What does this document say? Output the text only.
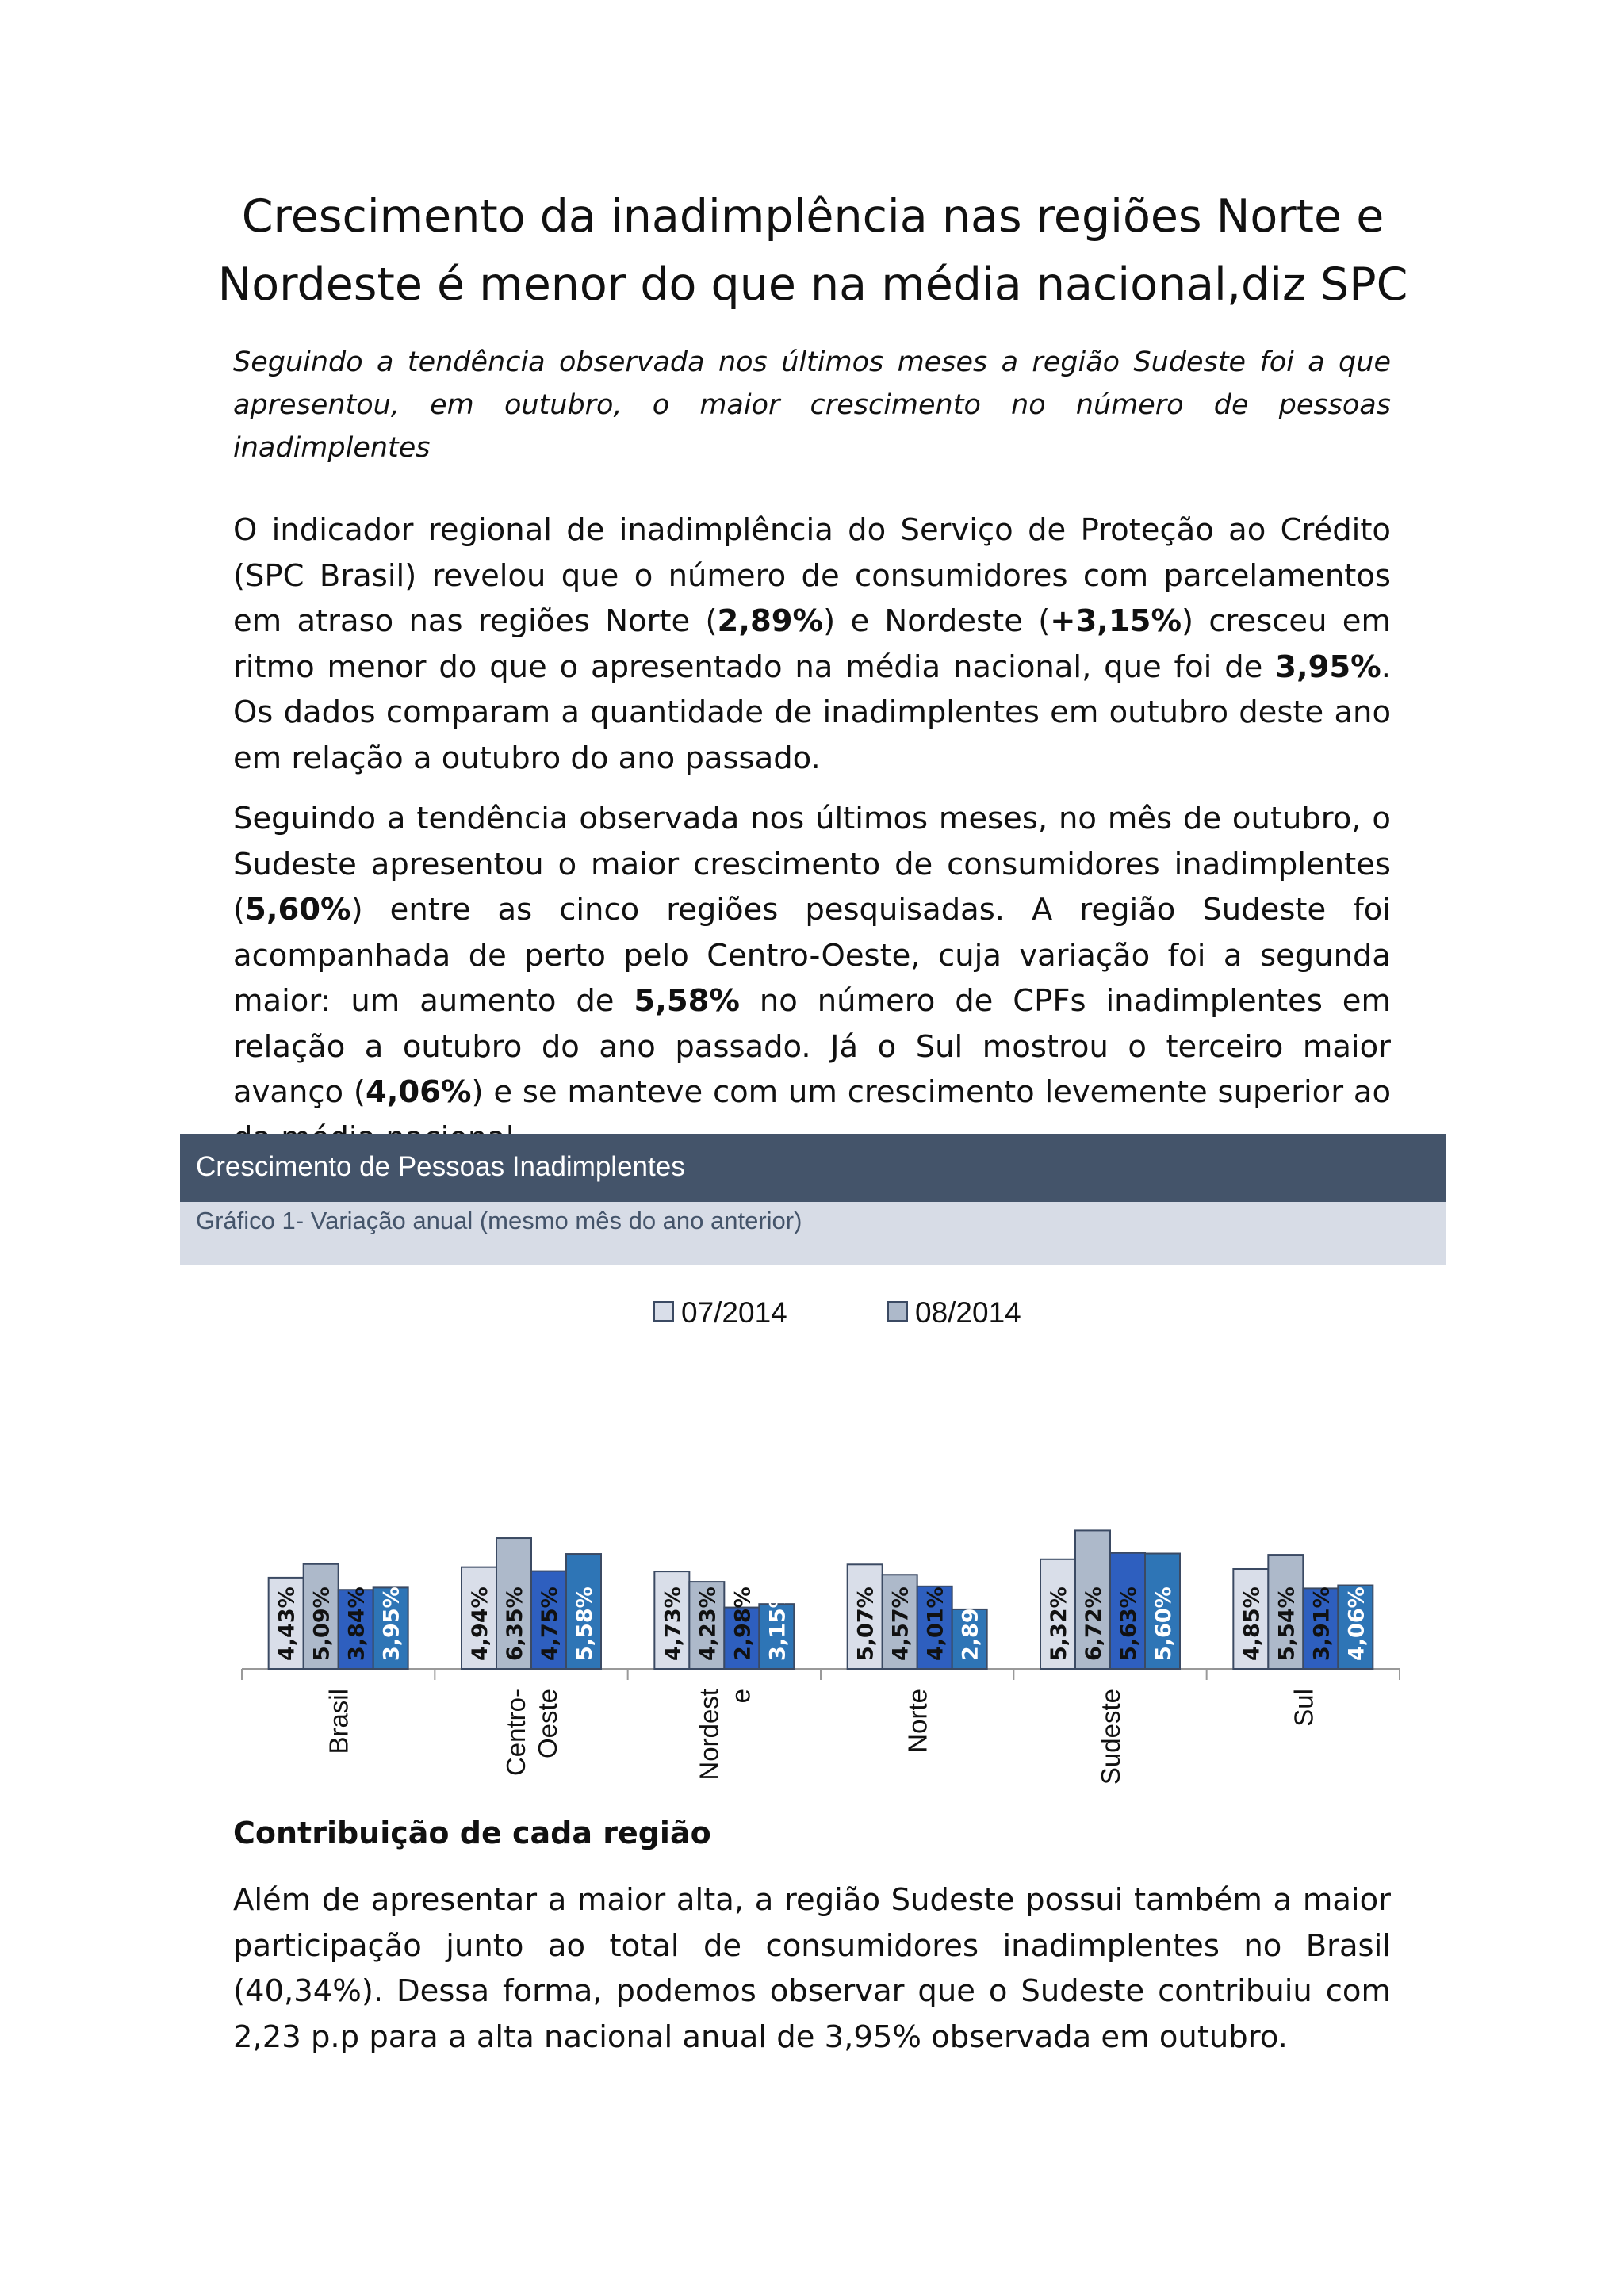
Crescimento da inadimplência nas regiões Norte e
Nordeste é menor do que na média nacional,diz SPC

Seguindo a tendência observada nos últimos meses a região Sudeste foi a que apresentou, em outubro, o maior crescimento no número de pessoas inadimplentes

O indicador regional de inadimplência do Serviço de Proteção ao Crédito (SPC Brasil) revelou que o número de consumidores com parcelamentos em atraso nas regiões Norte (2,89%) e Nordeste (+3,15%) cresceu em ritmo menor do que o apresentado na média nacional, que foi de 3,95%. Os dados comparam a quantidade de inadimplentes em outubro deste ano em relação a outubro do ano passado.

Seguindo a tendência observada nos últimos meses, no mês de outubro, o Sudeste apresentou o maior crescimento de consumidores inadimplentes (5,60%) entre as cinco regiões pesquisadas. A região Sudeste foi acompanhada de perto pelo Centro-Oeste, cuja variação foi a segunda maior: um aumento de 5,58% no número de CPFs inadimplentes em relação a outubro do ano passado. Já o Sul mostrou o terceiro maior avanço (4,06%) e se manteve com um crescimento levemente superior ao

Crescimento de Pessoas Inadimplentes
Gráfico 1- Variação anual (mesmo mês do ano anterior)
4,43% 5,09% 3,84% 3,95%
Brasil
4,94% 6,35% 4,75% 5,58%
Centro- Oeste
4,73% 4,23% 2,98% 3,15%
Nordest e
5,07% 4,57% 4,01% 2,89%
Norte
5,32% 6,72% 5,63% 5,60%
Sudeste
4,85% 5,54% 3,91% 4,06%
Sul
07/2014	08/2014
Contribuição de cada região

Além de apresentar a maior alta, a região Sudeste possui também a maior participação junto ao total de consumidores inadimplentes no Brasil (40,34%). Dessa forma, podemos observar que o Sudeste contribuiu com 2,23 p.p para a alta nacional anual de 3,95% observada em outubro.
